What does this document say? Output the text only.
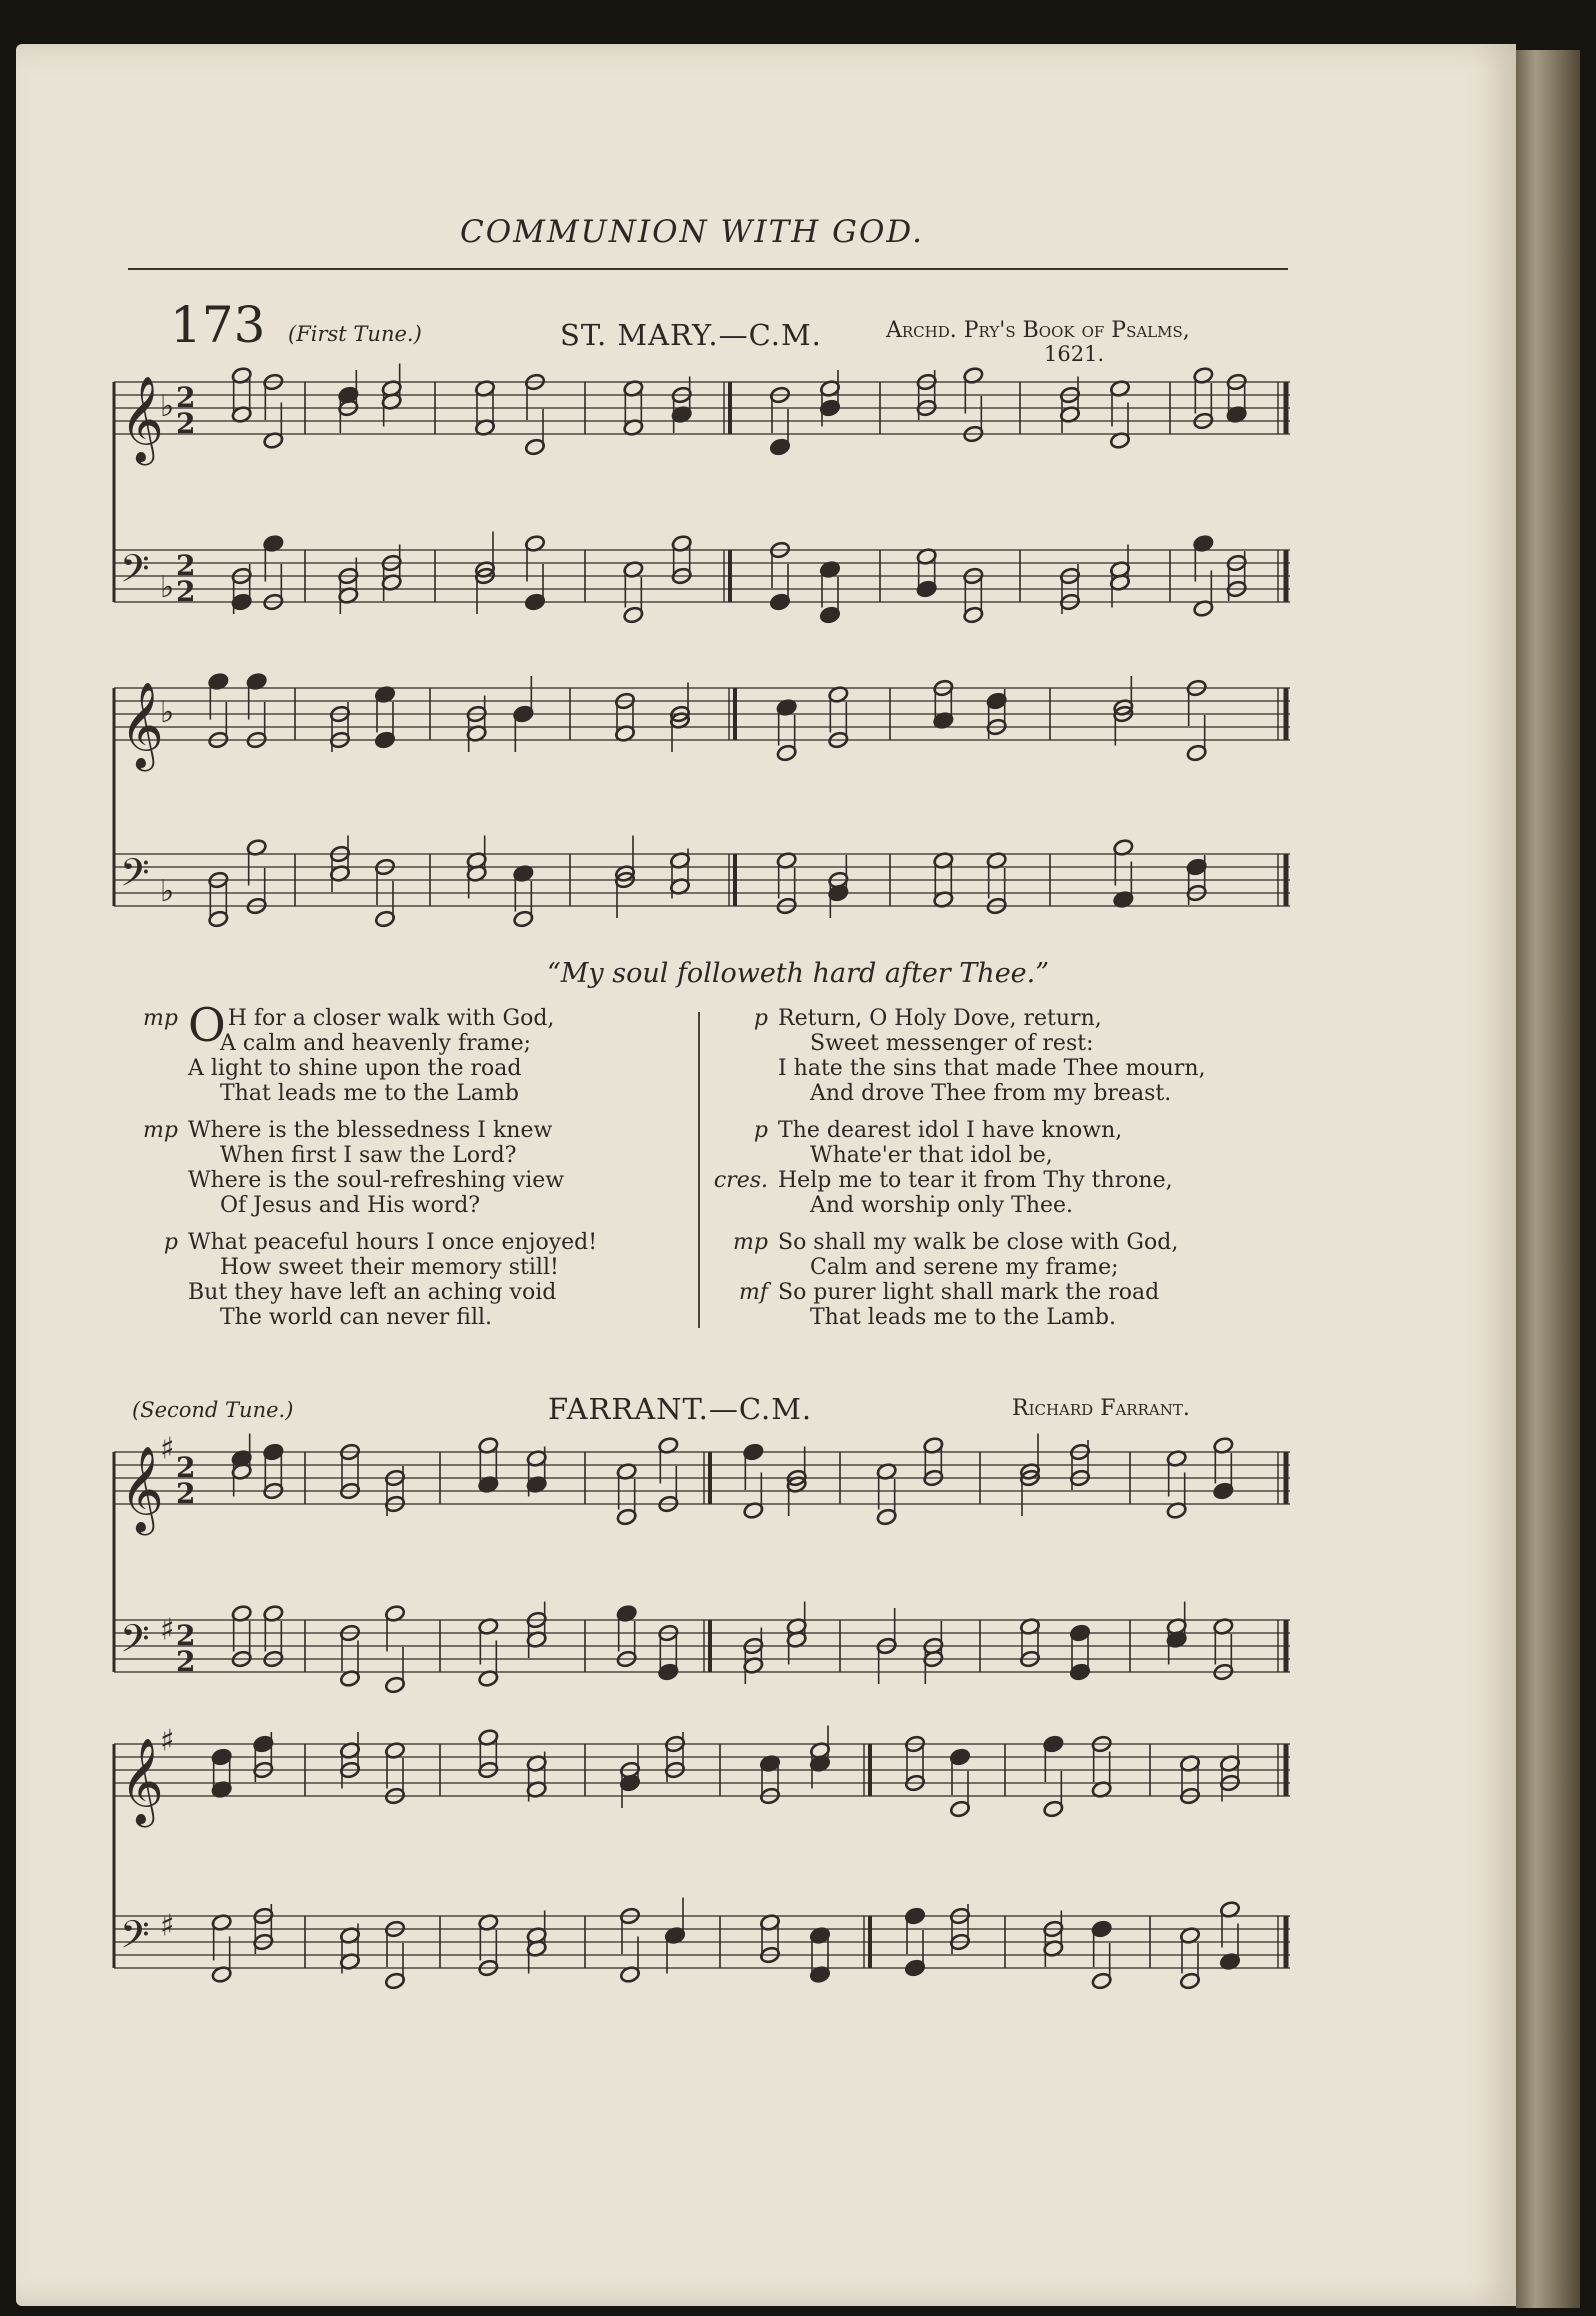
COMMUNION WITH GOD.
173 (First Tune.)	ST. MARY.—C.M.	Archd. Pry's Book of Psalms,
1621.
𝄞
♭ 2
2
𝄢 ♭
2
2
𝄞
♭
𝄢 ♭
“My soul followeth hard after Thee.”
mp OH for a closer walk with God,
A calm and heavenly frame;
A light to shine upon the road
That leads me to the Lamb
mp Where is the blessedness I knew
When first I saw the Lord?
Where is the soul-refreshing view
Of Jesus and His word?
p What peaceful hours I once enjoyed!
How sweet their memory still!
But they have left an aching void
The world can never fill.
p Return, O Holy Dove, return,
Sweet messenger of rest:
I hate the sins that made Thee mourn,
And drove Thee from my breast.
p The dearest idol I have known,
Whate'er that idol be,
cres. Help me to tear it from Thy throne,
And worship only Thee.
mp So shall my walk be close with God,
Calm and serene my frame;
mf So purer light shall mark the road
That leads me to the Lamb.
(Second Tune.)	FARRANT.—C.M.	Richard Farrant.
𝄞
♯
2
2
𝄢 ♯ 2
2
𝄞
♯
𝄢 ♯
